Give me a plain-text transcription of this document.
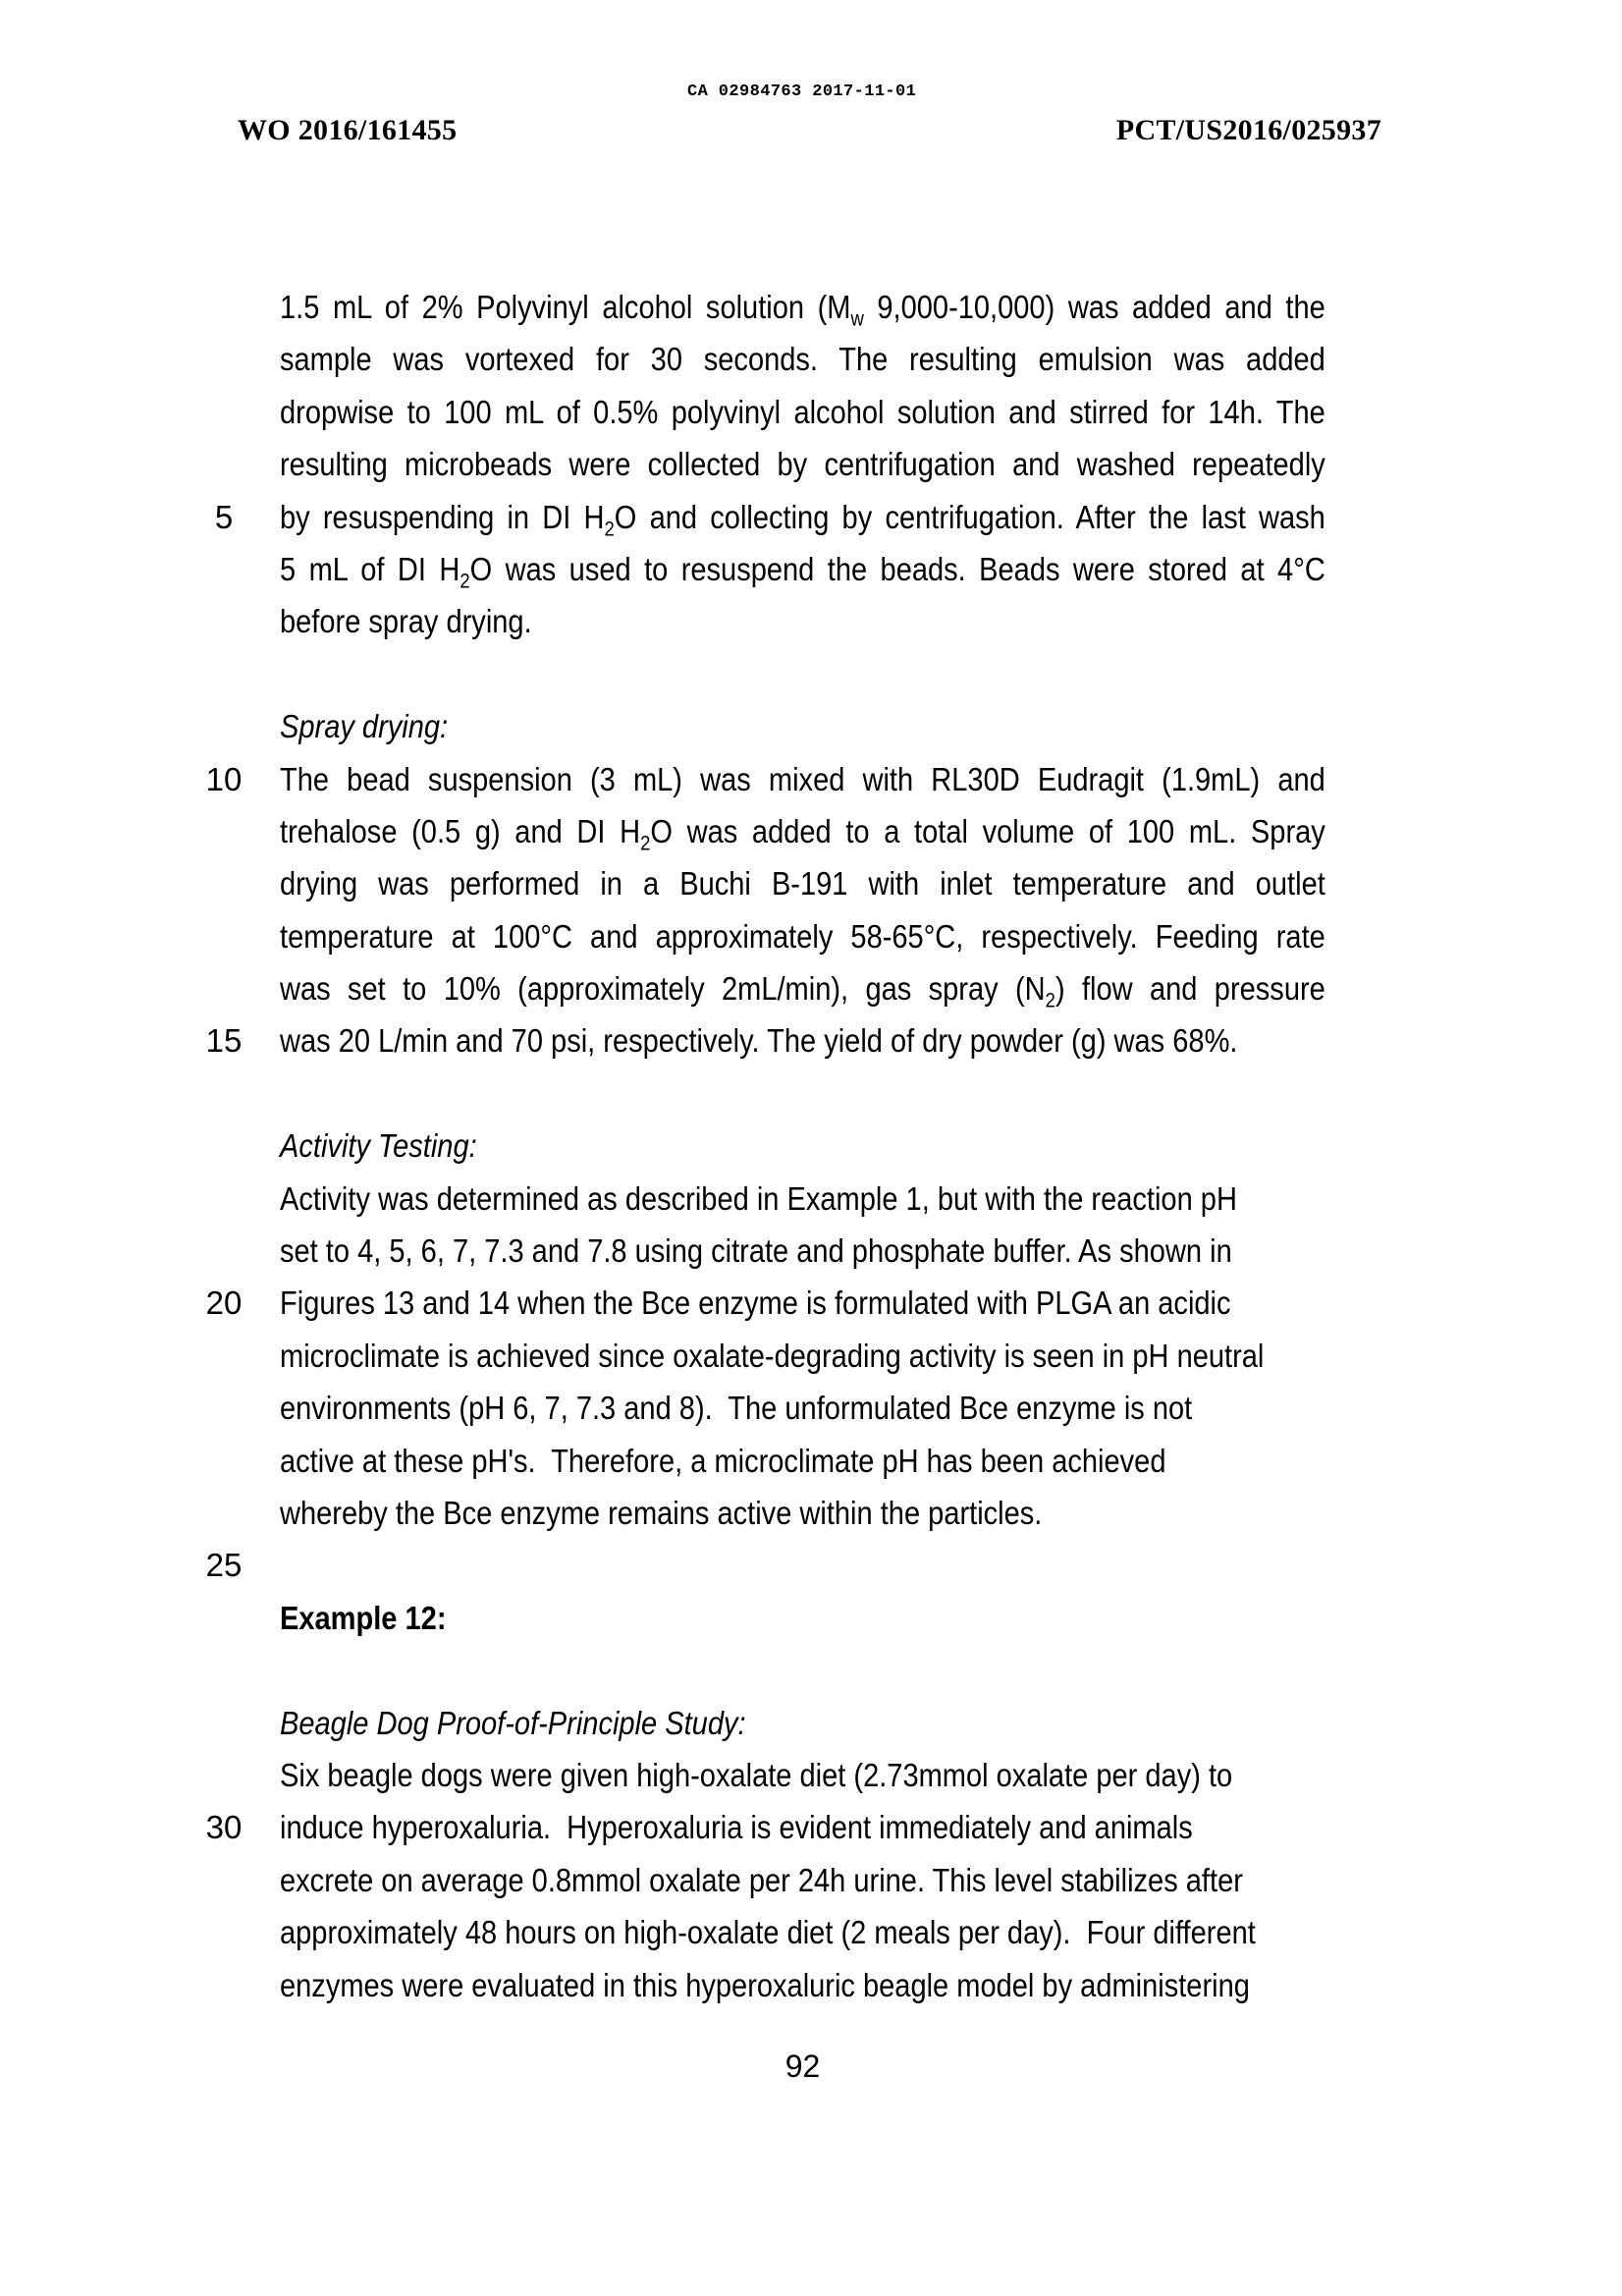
CA 02984763 2017-11-01
WO 2016/161455	PCT/US2016/025937
1.5 mL of 2% Polyvinyl alcohol solution ($M_w$ 9,000-10,000) was added and the
sample was vortexed for 30 seconds. The resulting emulsion was added
dropwise to 100 mL of 0.5% polyvinyl alcohol solution and stirred for 14h. The
resulting microbeads were collected by centrifugation and washed repeatedly
5	by resuspending in DI $H_2O$ and collecting by centrifugation. After the last wash
5 mL of DI $H_2O$ was used to resuspend the beads. Beads were stored at 4°C
before spray drying.
Spray drying:
10 The bead suspension (3 mL) was mixed with RL30D Eudragit (1.9mL) and
trehalose (0.5 g) and DI $H_2O$ was added to a total volume of 100 mL. Spray
drying was performed in a Buchi B-191 with inlet temperature and outlet
temperature at 100°C and approximately 58-65°C, respectively. Feeding rate
was set to 10% (approximately 2mL/min), gas spray $(N_2)$ flow and pressure
15 was 20 L/min and 70 psi, respectively. The yield of dry powder (g) was 68%.
Activity Testing:
Activity was determined as described in Example 1, but with the reaction pH
set to 4, 5, 6, 7, 7.3 and 7.8 using citrate and phosphate buffer. As shown in
20 Figures 13 and 14 when the Bce enzyme is formulated with PLGA an acidic
microclimate is achieved since oxalate-degrading activity is seen in pH neutral
environments (pH 6, 7, 7.3 and 8).  The unformulated Bce enzyme is not
active at these pH's.  Therefore, a microclimate pH has been achieved
whereby the Bce enzyme remains active within the particles.
25
Example 12:
Beagle Dog Proof-of-Principle Study:
Six beagle dogs were given high-oxalate diet (2.73mmol oxalate per day) to
30 induce hyperoxaluria.  Hyperoxaluria is evident immediately and animals
excrete on average 0.8mmol oxalate per 24h urine. This level stabilizes after
approximately 48 hours on high-oxalate diet (2 meals per day).  Four different
enzymes were evaluated in this hyperoxaluric beagle model by administering
92
